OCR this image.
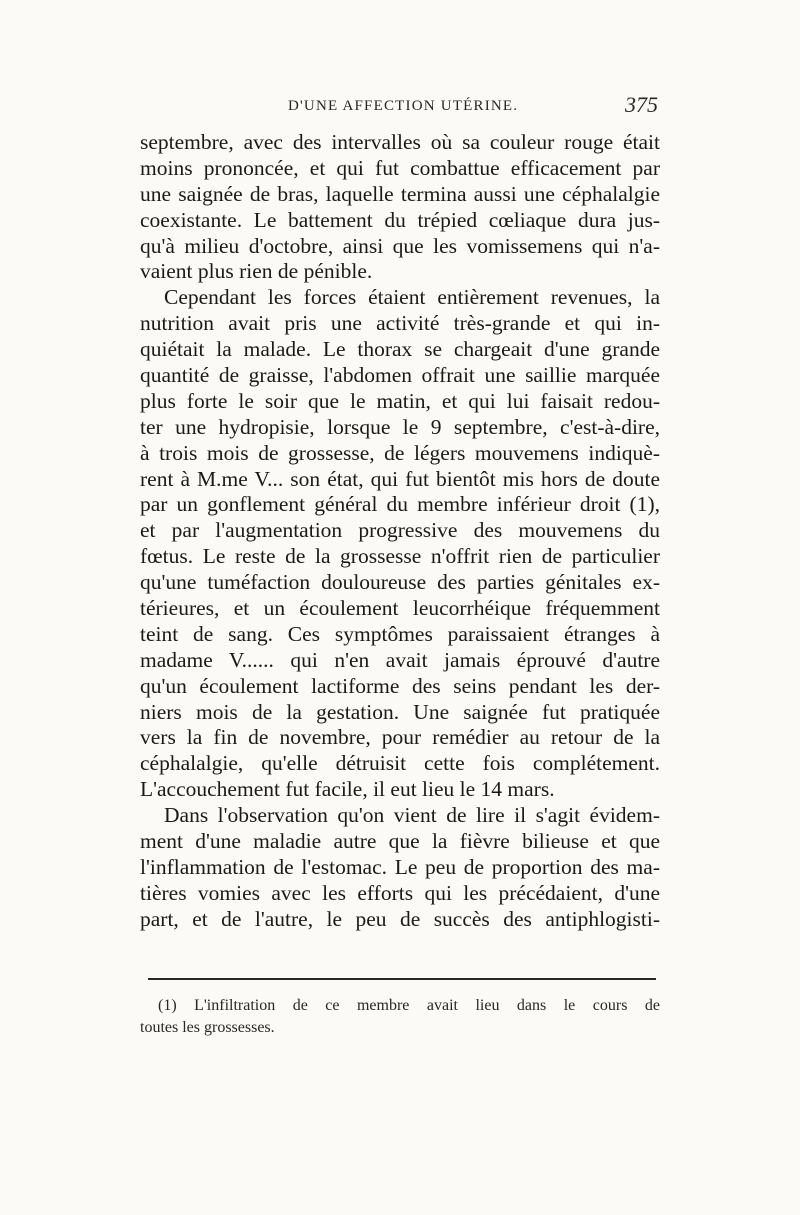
D'UNE AFFECTION UTÉRINE.	375
septembre, avec des intervalles où sa couleur rouge était
moins prononcée, et qui fut combattue efficacement par
une saignée de bras, laquelle termina aussi une céphalalgie
coexistante. Le battement du trépied cœliaque dura jus-
qu'à milieu d'octobre, ainsi que les vomissemens qui n'a-
vaient plus rien de pénible.
Cependant les forces étaient entièrement revenues, la
nutrition avait pris une activité très-grande et qui in-
quiétait la malade. Le thorax se chargeait d'une grande
quantité de graisse, l'abdomen offrait une saillie marquée
plus forte le soir que le matin, et qui lui faisait redou-
ter une hydropisie, lorsque le 9 septembre, c'est-à-dire,
à trois mois de grossesse, de légers mouvemens indiquè-
rent à M.me V... son état, qui fut bientôt mis hors de doute
par un gonflement général du membre inférieur droit (1),
et par l'augmentation progressive des mouvemens du
fœtus. Le reste de la grossesse n'offrit rien de particulier
qu'une tuméfaction douloureuse des parties génitales ex-
térieures, et un écoulement leucorrhéique fréquemment
teint de sang. Ces symptômes paraissaient étranges à
madame V...... qui n'en avait jamais éprouvé d'autre
qu'un écoulement lactiforme des seins pendant les der-
niers mois de la gestation. Une saignée fut pratiquée
vers la fin de novembre, pour remédier au retour de la
céphalalgie, qu'elle détruisit cette fois complétement.
L'accouchement fut facile, il eut lieu le 14 mars.
Dans l'observation qu'on vient de lire il s'agit évidem-
ment d'une maladie autre que la fièvre bilieuse et que
l'inflammation de l'estomac. Le peu de proportion des ma-
tières vomies avec les efforts qui les précédaient, d'une
part, et de l'autre, le peu de succès des antiphlogisti-
(1) L'infiltration de ce membre avait lieu dans le cours de
toutes les grossesses.
